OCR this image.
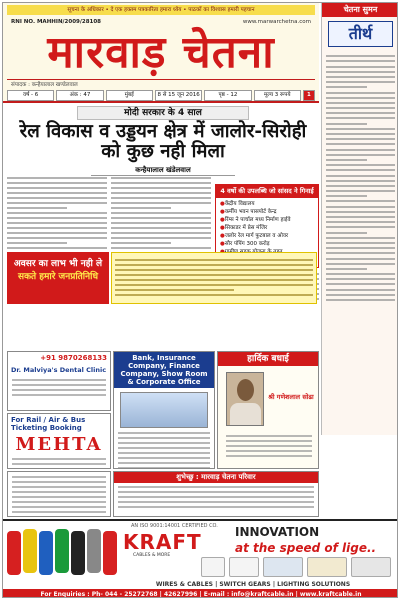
सूचना के अधिकार • दे एक हक्तम पत्रकारिता हमारा ध्येय • पाठकों का विश्वास हमारी पहचान
RNI NO. MAHHIN/2009/28108	www.marwarchetna.com
मारवाड़ चेतना
संपादक : कन्हैयालाल खण्डेलवाल
वर्ष - 6	अंक : 47	मुंबई	8 से 15 जून 2016	पृष्ठ - 12	मूल्य 3 रूपये	1
चेतना सुमन
तीर्थ
मोदी सरकार के 4 साल
रेल विकास व उड्डयन क्षेत्र में जालोर-सिरोही को कुछ नही मिला
कन्हैयालाल खंडेलवाल
4 वर्षो की उपलब्धि जो सांसद ने गिनाई
● केंद्रीय विद्यालय
● कर्मीय भवन पासपोर्ट केन्द्र
● रिंग्स ने पार्चाल मध्य निर्माण हाईवे
● सिकाडर में प्रेस मंजिर
● जलोर रेल मार्ग फुटबाल व ओवर
● सौर पंपिंग 300 करोड़
●
●
अवसर का लाभ भी नही ले
सकते हमारे जनप्रतिनिधि
+91 9870268133
Dr. Malviya's Dental Clinic
For Rail / Air & Bus Ticketing Booking
MEHTA
Bank, Insurance Company, Finance Company, Show Room & Corporate Office
हार्दिक बधाई
श्री गणेशलाल सोढा
शुभेच्छु : मारवाड़ चेतना परिवार
AN ISO 9001:14001 CERTIFIED CO.
KRAFT
CABLES & MORE
INNOVATION
at the speed of lige..
WIRES & CABLES | SWITCH GEARS | LIGHTING SOLUTIONS
For Enquiries : Ph- 044 - 25272768 | 42627996 | E-mail : info@kraftcable.in | www.kraftcable.in
